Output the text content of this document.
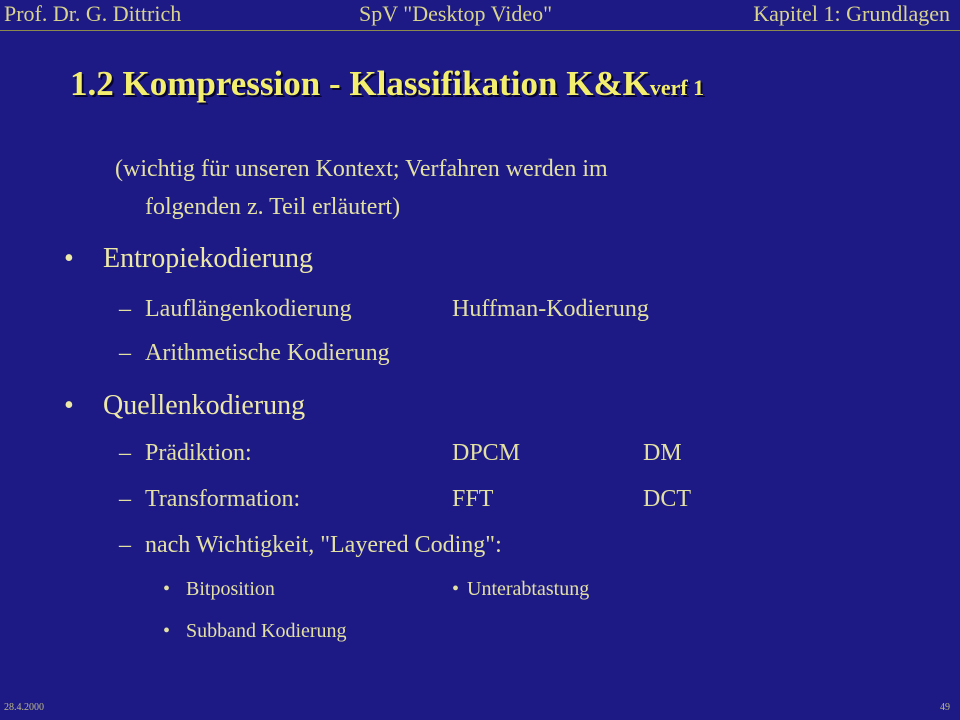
Prof. Dr. G. Dittrich	SpV "Desktop Video"	Kapitel 1: Grundlagen
1.2 Kompression - Klassifikation K&Kverf 1
(wichtig für unseren Kontext; Verfahren werden im
folgenden z. Teil erläutert)
• Entropiekodierung
– Lauflängenkodierung	Huffman-Kodierung
– Arithmetische Kodierung
• Quellenkodierung
– Prädiktion:	DPCM	DM
– Transformation:	FFT	DCT
– nach Wichtigkeit, "Layered Coding":
• Bitposition	• Unterabtastung
• Subband Kodierung
28.4.2000	49
